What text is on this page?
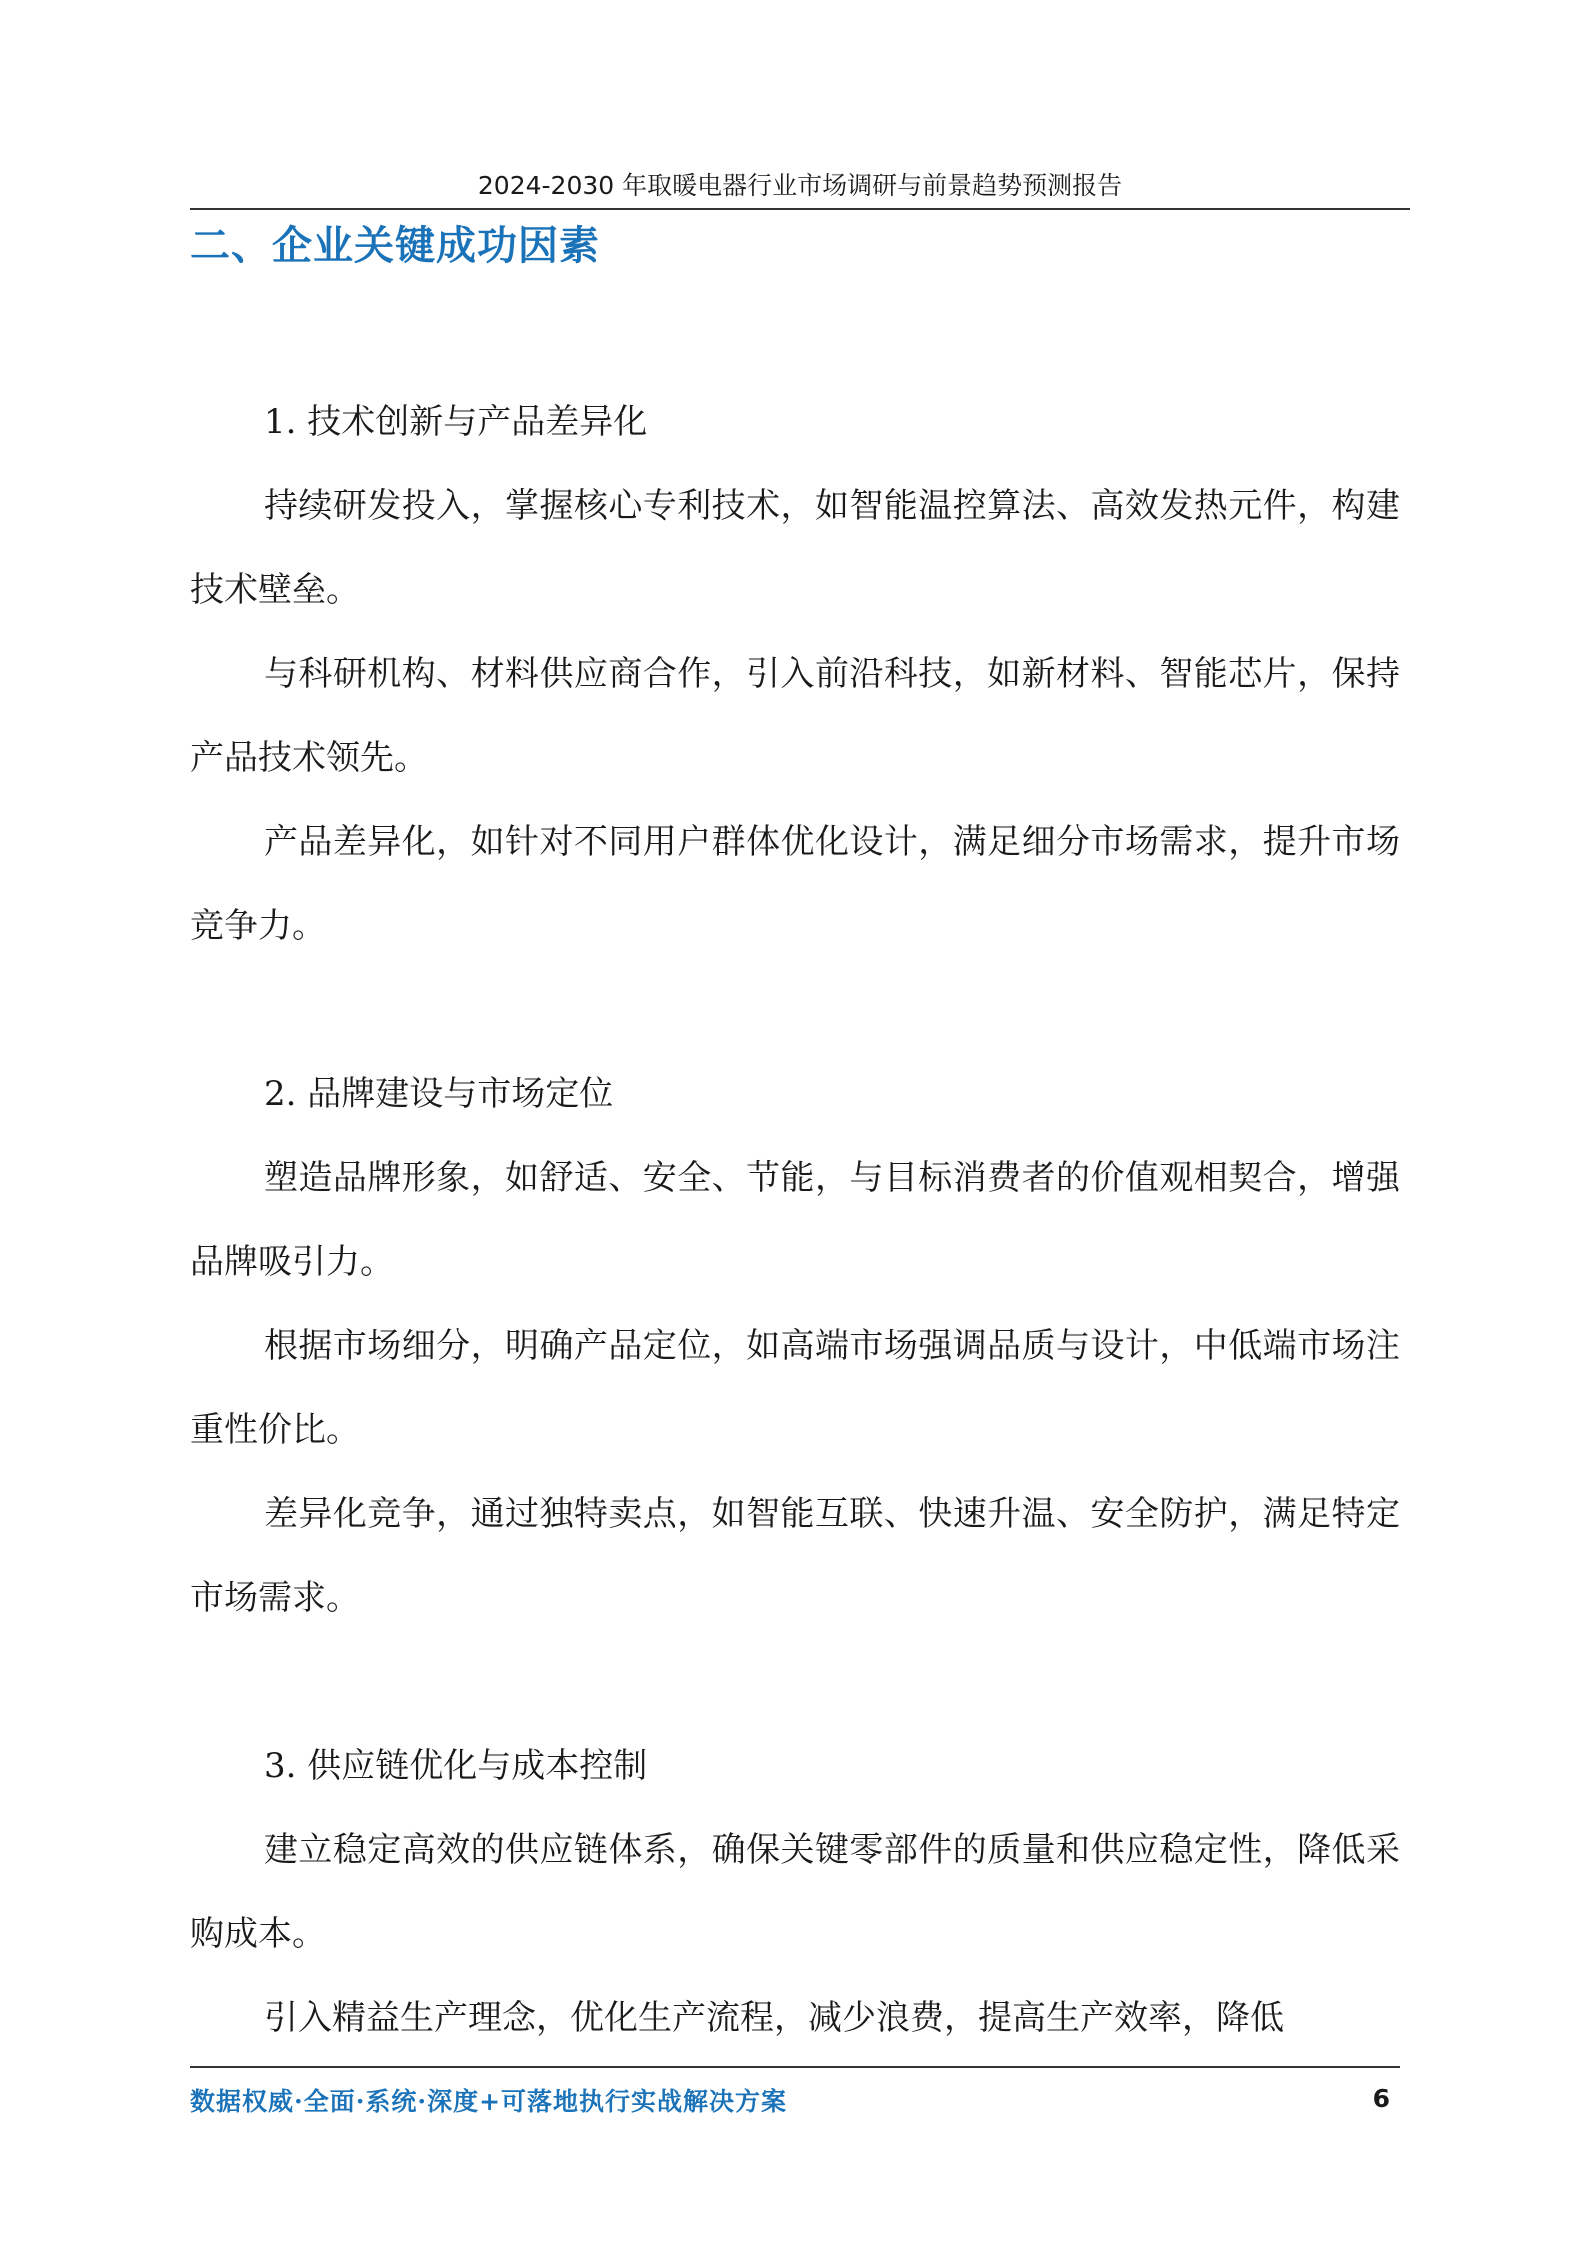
2024-2030 年取暖电器行业市场调研与前景趋势预测报告
二、企业关键成功因素
1. 技术创新与产品差异化

持续研发投入，掌握核心专利技术，如智能温控算法、高效发热元件，构建技术壁垒。

与科研机构、材料供应商合作，引入前沿科技，如新材料、智能芯片，保持产品技术领先。

产品差异化，如针对不同用户群体优化设计，满足细分市场需求，提升市场竞争力。

2. 品牌建设与市场定位

塑造品牌形象，如舒适、安全、节能，与目标消费者的价值观相契合，增强品牌吸引力。

根据市场细分，明确产品定位，如高端市场强调品质与设计，中低端市场注重性价比。

差异化竞争，通过独特卖点，如智能互联、快速升温、安全防护，满足特定市场需求。

3. 供应链优化与成本控制

建立稳定高效的供应链体系，确保关键零部件的质量和供应稳定性，降低采购成本。

引入精益生产理念，优化生产流程，减少浪费，提高生产效率，降低

数据权威·全面·系统·深度+可落地执行实战解决方案	6
